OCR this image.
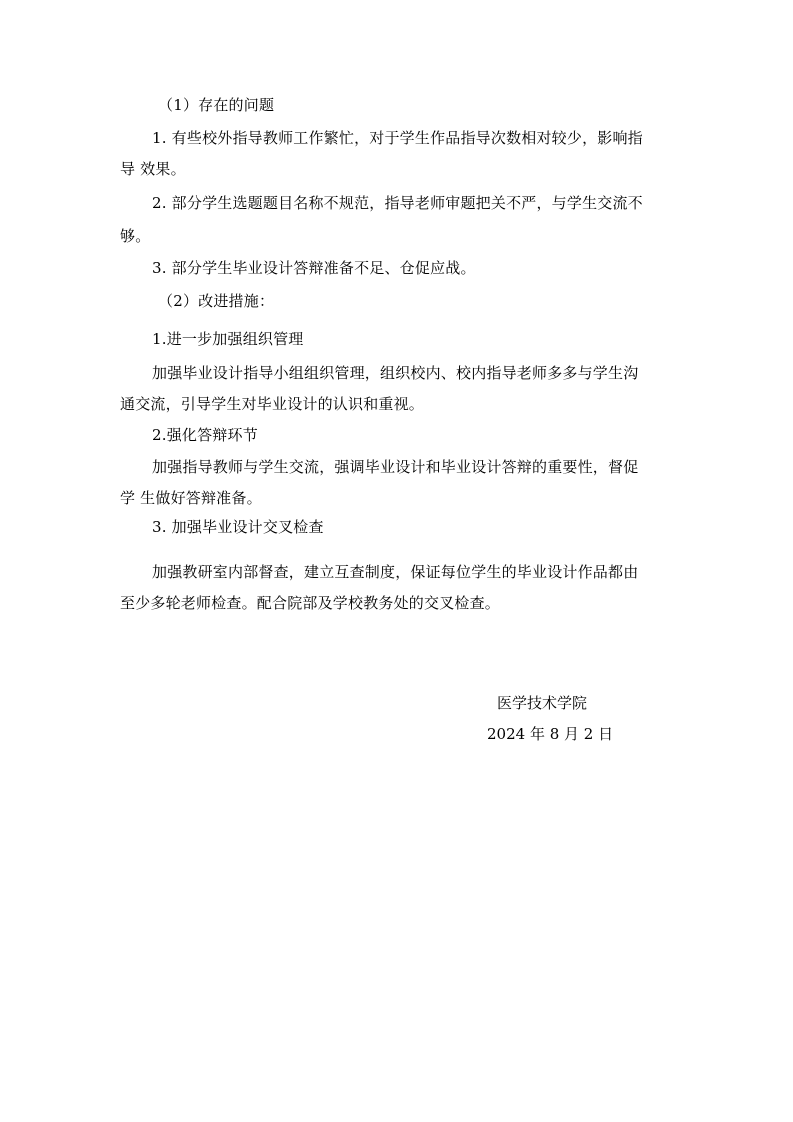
（1）存在的问题
1. 有些校外指导教师工作繁忙，对于学生作品指导次数相对较少，影响指
导 效果。
2. 部分学生选题题目名称不规范，指导老师审题把关不严，与学生交流不
够。
3. 部分学生毕业设计答辩准备不足、仓促应战。
（2）改进措施：
1.进一步加强组织管理
加强毕业设计指导小组组织管理，组织校内、校内指导老师多多与学生沟
通交流，引导学生对毕业设计的认识和重视。
2.强化答辩环节
加强指导教师与学生交流，强调毕业设计和毕业设计答辩的重要性，督促
学 生做好答辩准备。
3. 加强毕业设计交叉检查
加强教研室内部督查，建立互查制度，保证每位学生的毕业设计作品都由
至少多轮老师检查。配合院部及学校教务处的交叉检查。
医学技术学院
2024 年 8 月 2 日
